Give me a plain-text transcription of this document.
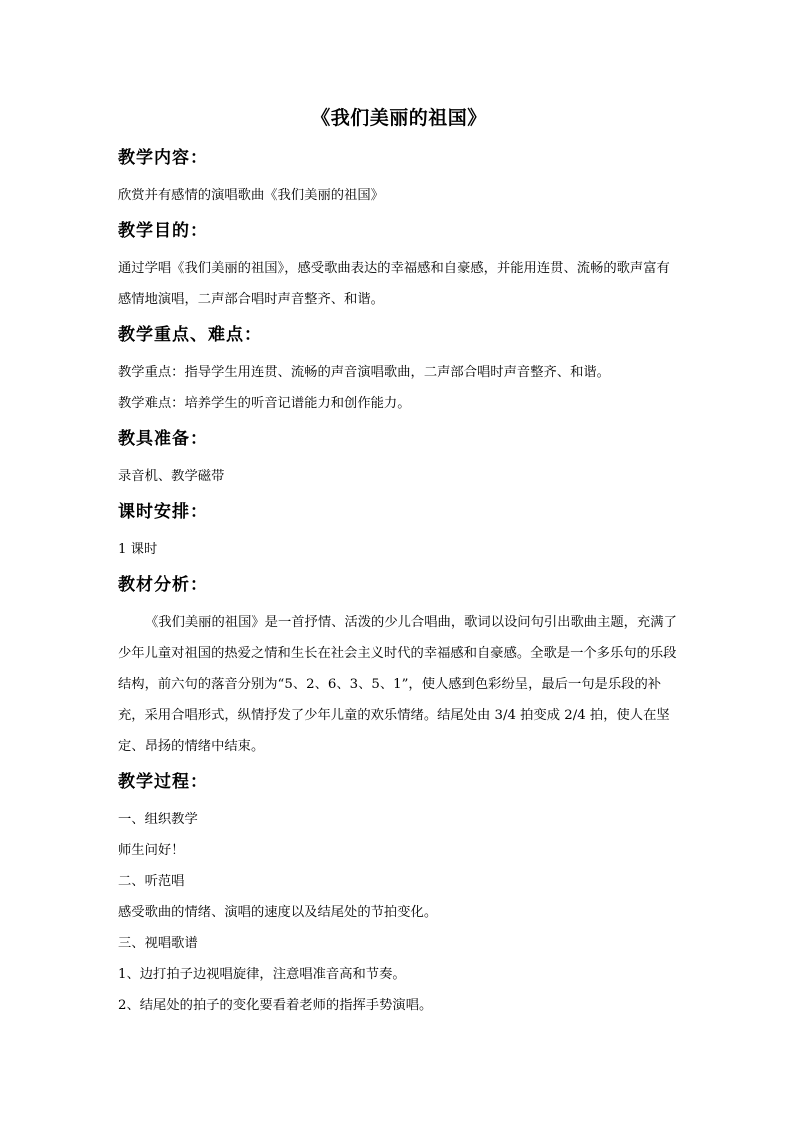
《我们美丽的祖国》
教学内容：

欣赏并有感情的演唱歌曲《我们美丽的祖国》

教学目的：

通过学唱《我们美丽的祖国》，感受歌曲表达的幸福感和自豪感，并能用连贯、流畅的歌声富有感情地演唱，二声部合唱时声音整齐、和谐。

教学重点、难点：

教学重点：指导学生用连贯、流畅的声音演唱歌曲，二声部合唱时声音整齐、和谐。

教学难点：培养学生的听音记谱能力和创作能力。

教具准备：

录音机、教学磁带

课时安排：

1 课时

教材分析：

《我们美丽的祖国》是一首抒情、活泼的少儿合唱曲，歌词以设问句引出歌曲主题，充满了少年儿童对祖国的热爱之情和生长在社会主义时代的幸福感和自豪感。全歌是一个多乐句的乐段结构，前六句的落音分别为“5、2、6、3、5、1”，使人感到色彩纷呈，最后一句是乐段的补充，采用合唱形式，纵情抒发了少年儿童的欢乐情绪。结尾处由 3/4 拍变成 2/4 拍，使人在坚定、昂扬的情绪中结束。

教学过程：

一、组织教学

师生问好！

二、听范唱

感受歌曲的情绪、演唱的速度以及结尾处的节拍变化。

三、视唱歌谱

1、边打拍子边视唱旋律，注意唱准音高和节奏。

2、结尾处的拍子的变化要看着老师的指挥手势演唱。
